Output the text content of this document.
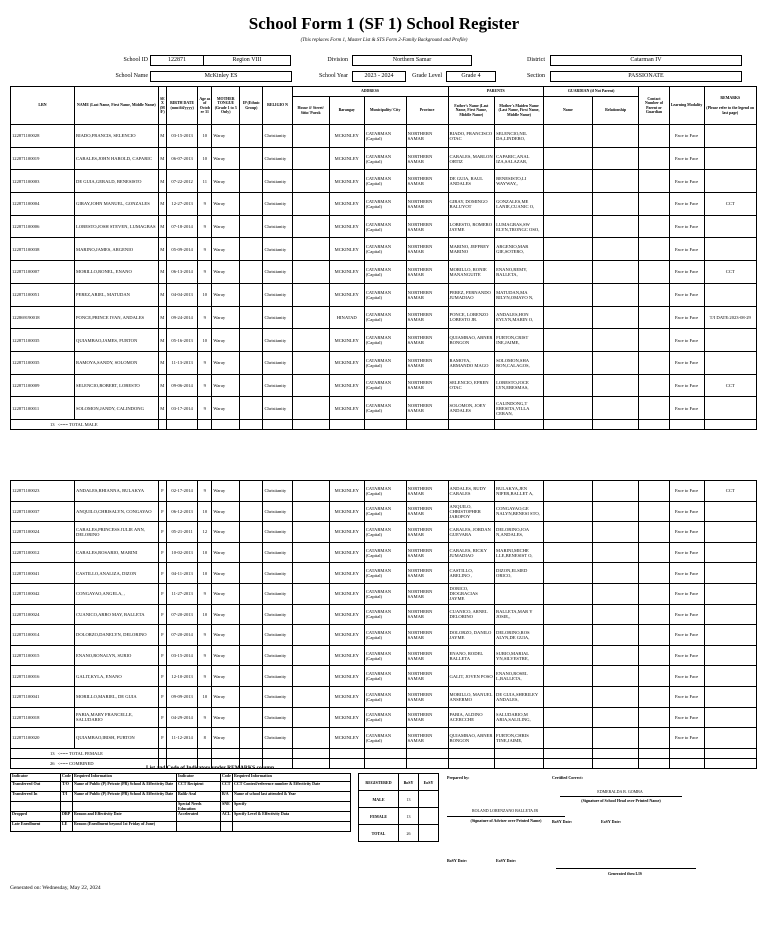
School Form 1 (SF 1) School Register
(This replaces Form 1, Master List & STS Form 2-Family Background and Profile)
School ID	122871	Region VIII	Division	Northern Samar	District	Catarman IV
School Name	McKinley ES	School Year	2023 - 2024	Grade Level	Grade 4	Section	PASSIONATE
LRN	NAME (Last Name, First Name, Middle Name)	SEX (M/F)	BIRTH DATE (mm/dd/yyyy)	Age as of October 31	MOTHER TONGUE (Grade 1 to 3 Only)	IP (Ethnic Group)	RELIGIO N	ADDRESS				PARENTS		GUARDIAN (if Not Parent)		Contact Number of Parent or Guardian	Learning Modality	REMARKS
(Please refer to the legend on last page)

								House #/ Street/ Sitio/ Purok	Barangay	Municipality/ City	Province	Father's Name (Last Name, First Name, Middle Name)	Mother's Maiden Name (Last Name, First Name, Middle Name)	Name	Relationship			
122871100028	BIADO,FRANCIS, SELENCIO	M	03-15-2013	10	Waray		Christianity		MCKINLEY	CATARMAN (Capital)	NORTHERN SAMAR	BIADO, FRANCISCO OTAC	SELENCIO,NIL DA,LINDERO,				Face to Face	
122871100019	CABALES,JOHN HAROLD, CAPARIC	M	06-07-2013	10	Waray		Christianity		MCKINLEY	CATARMAN (Capital)	NORTHERN SAMAR	CABALES, MARLON ORTIZ	CAPARIC,ANAL IZA,SALAZAR,				Face to Face	
122871100003	DE GUIA,GERALD, BENESISTO	M	07-22-2012	11	Waray		Christianity		MCKINLEY	CATARMAN (Capital)	NORTHERN SAMAR	DE GUIA, RAUL ANDALES	BENESISTO,LI WAYWAY,,				Face to Face	
122871100004	GIRAY,JOHN MANUEL, GONZALES	M	12-27-2013	9	Waray		Christianity		MCKINLEY	CATARMAN (Capital)	NORTHERN SAMAR	GIRAY, DOMINGO BALUYOT	GONZALES,ME LANIE,CUANIC O,				Face to Face	CCT
122871100006	LOBESTO,JOSH STEVEN, LUMAGBAS	M	07-18-2014	9	Waray		Christianity		MCKINLEY	CATARMAN (Capital)	NORTHERN SAMAR	LOBESTO, ROMERO JAYME	LUMAGBAS,SW ELYN,TRONGC OSO,				Face to Face	
122871100038	MARINO,JAMES, ARGENIO	M	05-09-2014	9	Waray		Christianity		MCKINLEY	CATARMAN (Capital)	NORTHERN SAMAR	MARINO, JEFFREY MARINO	ARGENIO,MAR GIE,SOTERO,				Face to Face	
122871100007	MORILLO,RONEL, ENANO	M	06-13-2014	9	Waray		Christianity		MCKINLEY	CATARMAN (Capital)	NORTHERN SAMAR	MORILLO, RONIE MANANGUITE	ENANO,REMY, BALLETA,				Face to Face	CCT
122871100051	PEREZ,ARIEL, MATUDAN	M	04-04-2013	10	Waray		Christianity		MCKINLEY	CATARMAN (Capital)	NORTHERN SAMAR	PEREZ, FERNANDO JUMADIAO	MATUDAN,MA RILYN,OMAYO N,				Face to Face	
122869190018	PONCE,PRINCE IVAN, ANDALES	M	09-24-2014	9	Waray		Christianity		HINATAD	CATARMAN (Capital)	NORTHERN SAMAR	PONCE, LORENZO LOBESTO JR.	ANDALES,HON EYLYN,MARIN O,				Face to Face	T/I DATE:2023-08-29
122871100035	QUIAMBAO,JAMES, FURTON	M	05-16-2013	10	Waray		Christianity		MCKINLEY	CATARMAN (Capital)	NORTHERN SAMAR	QUIAMBAO, ABNER BONGON	FURTON,CRIST INE,JAIME,				Face to Face	
122871100035	RAMOYA,SANDY, SOLOMON	M	11-13-2013	9	Waray		Christianity		MCKINLEY	CATARMAN (Capital)	NORTHERN SAMAR	RAMOYA, ARMANDO MAGO	SOLOMON,SHA RON,CALAGOS,				Face to Face	
122871100009	SELENCIO,ROBERT, LOBESTO	M	09-06-2014	9	Waray		Christianity		MCKINLEY	CATARMAN (Capital)	NORTHERN SAMAR	SELENCIO, EFREN OTAC	LOBESTO,JOCE LYN,ERESMAS,				Face to Face	CCT
122871100011	SOLOMON,JANDY, CALINDONG	M	03-17-2014	9	Waray		Christianity		MCKINLEY	CATARMAN (Capital)	NORTHERN SAMAR	SOLOMON, JOEY ANDALES	CALINDONG,T ERESITA,VILLA CERAN,				Face to Face	
13 <=== TOTAL MALE																		
122871100023	ANDALES,RHIANNA, BULAKYA	F	02-17-2014	9	Waray		Christianity		MCKINLEY	CATARMAN (Capital)	NORTHERN SAMAR	ANDALES, RUDY CABALES	BULAKYA,JEN NIFER,BALLET A,				Face to Face	CCT
122871100037	ANQUILO,CHRISALYN, CONGAYAO	F	06-12-2013	10	Waray		Christianity		MCKINLEY	CATARMAN (Capital)	NORTHERN SAMAR	ANQUILO, CHRISTOPHER JAROPOY	CONGAYAO,GE NALYN,BENESI STO,				Face to Face	
122871100024	CABALES,PRINCESS JULIE ANN, DELORINO	F	05-21-2011	12	Waray		Christianity		MCKINLEY	CATARMAN (Capital)	NORTHERN SAMAR	CABALES, JORDAN GUEVARA	DELORINO,JOA N,ANDALES,				Face to Face	
122871100012	CABALES,ROSARIO, MARINI	F	10-02-2013	10	Waray		Christianity		MCKINLEY	CATARMAN (Capital)	NORTHERN SAMAR	CABALES, RICKY JUMADIAO	MARINI,MICHE LLE,BENESIST O,				Face to Face	
122871100041	CASTILLO,ANALIZA, DIZON	F	04-11-2013	10	Waray		Christianity		MCKINLEY	CATARMAN (Capital)	NORTHERN SAMAR	CASTILLO, ABELINO ,	DIZON,ELSIED ORICO,				Face to Face	
122871100042	CONGAYAO,ANGELA, ,	F	11-27-2013	9	Waray		Christianity		MCKINLEY	CATARMAN (Capital)	NORTHERN SAMAR	DORICO, DIOGRACIAS JAYME					Face to Face	
122871100024	CUANICO,ARRO MAY, BALLETA	F	07-20-2013	10	Waray		Christianity		MCKINLEY	CATARMAN (Capital)	NORTHERN SAMAR	CUANICO, ARNEL DELORINO	BALLETA,MAR Y JOSIE,,				Face to Face	
122871100014	DOLORZO,DANELYN, DELORINO	F	07-20-2014	9	Waray		Christianity		MCKINLEY	CATARMAN (Capital)	NORTHERN SAMAR	DOLORZO, DANILO JAYME	DELORINO,ROS ALYN,DE GUIA,				Face to Face	
122871100015	ENANO,RONALYN, SURIO	F	03-15-2014	9	Waray		Christianity		MCKINLEY	CATARMAN (Capital)	NORTHERN SAMAR	ENANO, RODEL BALLETA	SURIO,MARIAL YN,SILVESTRE,				Face to Face	
122871100016	GALIT,KYLA, ENANO	F	12-10-2013	9	Waray		Christianity		MCKINLEY	CATARMAN (Capital)	NORTHERN SAMAR	GALIT, JOVEN POSO	ENANO,ROSEL L,BALLETA,				Face to Face	
122871100041	MORILLO,MARIEL, DE GUIA	F	09-09-2013	10	Waray		Christianity		MCKINLEY	CATARMAN (Capital)	NORTHERN SAMAR	MORILLO, MANUEL ANSERMO	DE GUIA,SHERILEY ANDALES,				Face to Face	
122871100018	PABIA,MARY FRANCELLE, SALUDARIO	F	04-29-2014	9	Waray		Christianity		MCKINLEY	CATARMAN (Capital)	NORTHERN SAMAR	PABIA, ALDINO ACERCCHE	SALUDARIO,M ARIA,SALILING,				Face to Face	
122871100020	QUIAMBAO,IRISH, FURTON	F	11-12-2014	8	Waray		Christianity		MCKINLEY	CATARMAN (Capital)	NORTHERN SAMAR	QUIAMBAO, ABNER BONGON	FURTON,CHRIS TINE,JAIME,				Face to Face	
13 <=== TOTAL FEMALE																		
26 <=== COMBINED																		
List and Code of Indicators under REMARKS column
Indicator	Code	Required Information	Indicator	Code	Required Information
Transferred Out	T/O	Name of Public (P) Private (PR) School & Effectivity Date	CCT Recipient	CCT	CCT Control/reference number & Effectivity Date
Transferred In	T/I	Name of Public (P) Private (PR) School & Effectivity Date	Balik-Aral	B/A	Name of school last attended & Year
			Special Needs Education	SNE	Specify
Dropped	DRP	Reason and Effectivity Date	Accelerated	ACL	Specify Level & Effectivity Data
Late Enrollment	LE	Reason (Enrollment beyond 1st Friday of June)			
REGISTERED	BoSY	EoSY
MALE	13	
FEMALE	13	
TOTAL	26	
Prepared by:
ROLAND LORENZANO BALLETA JR
(Signature of Adviser over Printed Name)
BoSY Date:	EoSY Date:
Certified Correct:
EDMERALDA B. GOMBA
(Signature of School Head over Printed Name)
BoSY Date:	EoSY Date:
Generated thru LIS
Generated on: Wednesday, May 22, 2024
